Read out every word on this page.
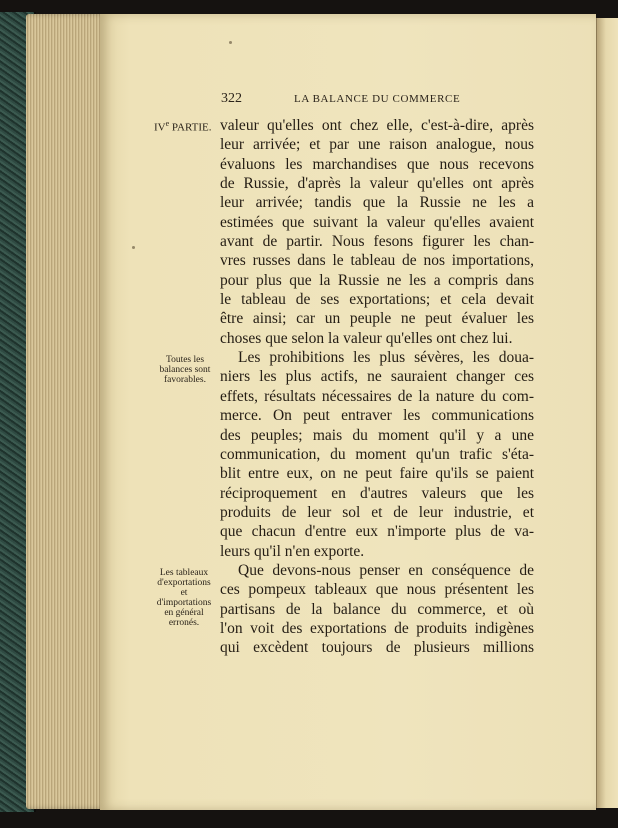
322	LA BALANCE DU COMMERCE
IVe PARTIE. valeur qu'elles ont chez elle, c'est-à-dire, après
leur arrivée; et par une raison analogue, nous
évaluons les marchandises que nous recevons
de Russie, d'après la valeur qu'elles ont après
leur arrivée; tandis que la Russie ne les a
estimées que suivant la valeur qu'elles avaient
avant de partir. Nous fesons figurer les chan-
vres russes dans le tableau de nos importations,
pour plus que la Russie ne les a compris dans
le tableau de ses exportations; et cela devait
être ainsi; car un peuple ne peut évaluer les
choses que selon la valeur qu'elles ont chez lui.
Les prohibitions les plus sévères, les doua-
niers les plus actifs, ne sauraient changer ces
effets, résultats nécessaires de la nature du com-
merce. On peut entraver les communications
des peuples; mais du moment qu'il y a une
communication, du moment qu'un trafic s'éta-
blit entre eux, on ne peut faire qu'ils se paient
réciproquement en d'autres valeurs que les
produits de leur sol et de leur industrie, et
que chacun d'entre eux n'importe plus de va-
leurs qu'il n'en exporte.
Que devons-nous penser en conséquence de
ces pompeux tableaux que nous présentent les
partisans de la balance du commerce, et où
l'on voit des exportations de produits indigènes
qui excèdent toujours de plusieurs millions
Toutes les
balances sont
favorables.
Les tableaux
d'exportations
et
d'importations
en général
erronés.
